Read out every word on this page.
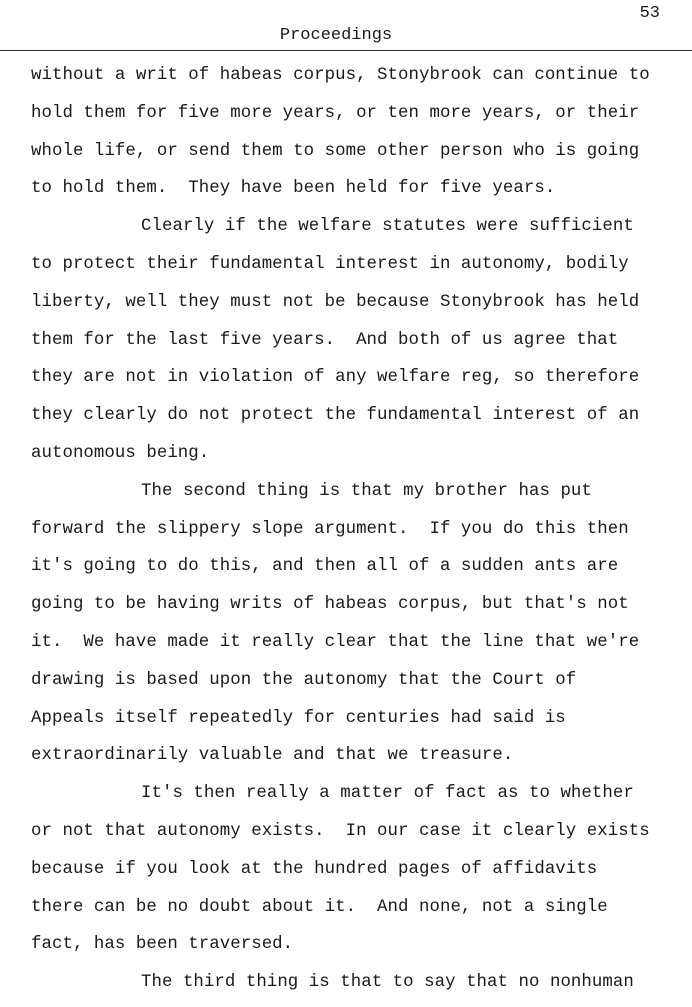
53
Proceedings
without a writ of habeas corpus, Stonybrook can continue to
hold them for five more years, or ten more years, or their
whole life, or send them to some other person who is going
to hold them.  They have been held for five years.
Clearly if the welfare statutes were sufficient
to protect their fundamental interest in autonomy, bodily
liberty, well they must not be because Stonybrook has held
them for the last five years.  And both of us agree that
they are not in violation of any welfare reg, so therefore
they clearly do not protect the fundamental interest of an
autonomous being.
The second thing is that my brother has put
forward the slippery slope argument.  If you do this then
it's going to do this, and then all of a sudden ants are
going to be having writs of habeas corpus, but that's not
it.  We have made it really clear that the line that we're
drawing is based upon the autonomy that the Court of
Appeals itself repeatedly for centuries had said is
extraordinarily valuable and that we treasure.
It's then really a matter of fact as to whether
or not that autonomy exists.  In our case it clearly exists
because if you look at the hundred pages of affidavits
there can be no doubt about it.  And none, not a single
fact, has been traversed.
The third thing is that to say that no nonhuman
